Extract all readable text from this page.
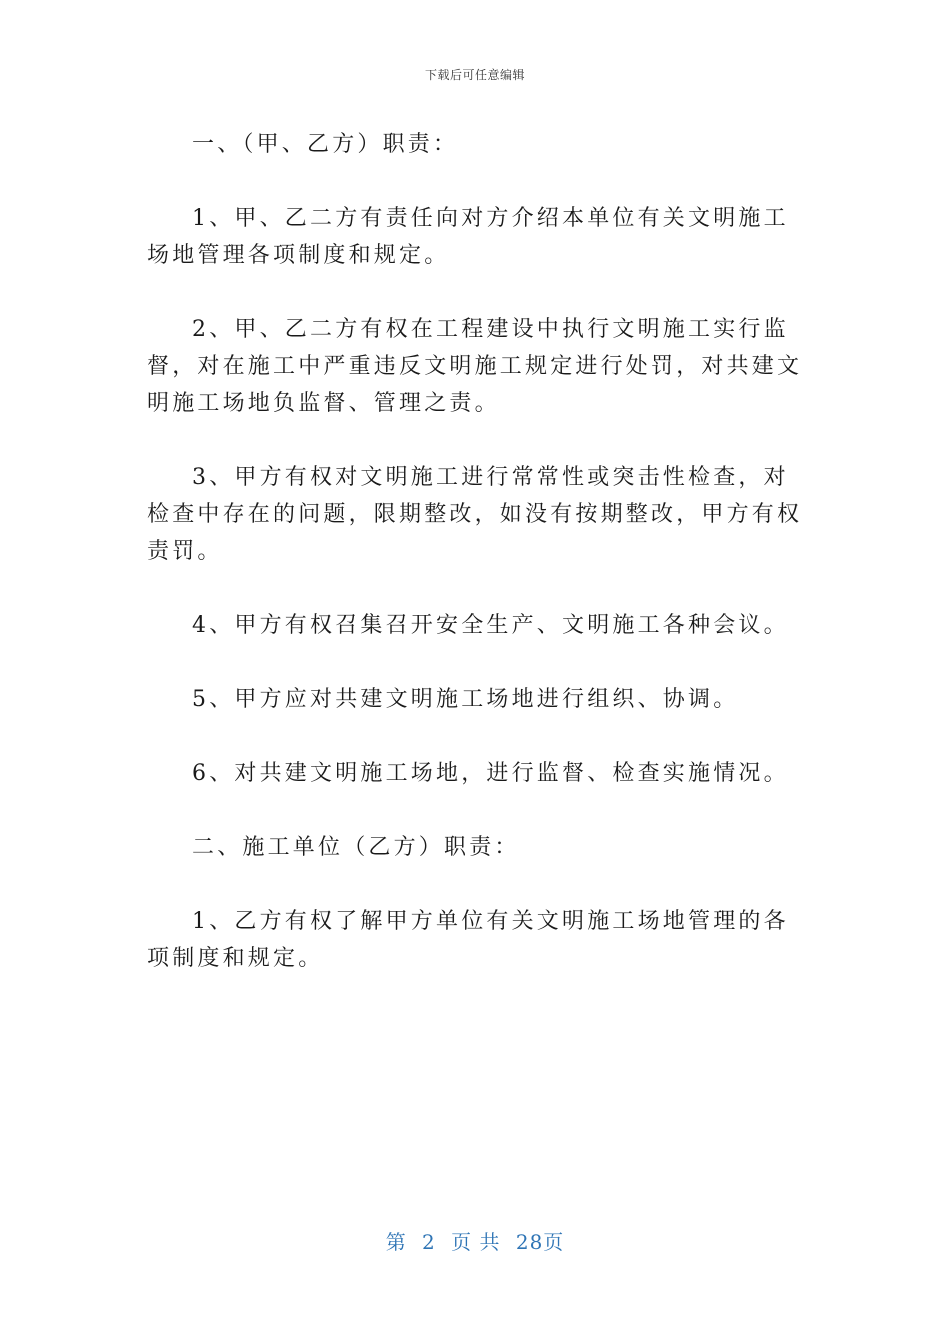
下载后可任意编辑

一、（甲、乙方）职责：

1、甲、乙二方有责任向对方介绍本单位有关文明施工场地管理各项制度和规定。

2、甲、乙二方有权在工程建设中执行文明施工实行监督，对在施工中严重违反文明施工规定进行处罚，对共建文明施工场地负监督、管理之责。

3、甲方有权对文明施工进行常常性或突击性检查，对检查中存在的问题，限期整改，如没有按期整改，甲方有权责罚。

4、甲方有权召集召开安全生产、文明施工各种会议。

5、甲方应对共建文明施工场地进行组织、协调。

6、对共建文明施工场地，进行监督、检查实施情况。

二、施工单位（乙方）职责：

1、乙方有权了解甲方单位有关文明施工场地管理的各项制度和规定。

第 2 页 共 28页
